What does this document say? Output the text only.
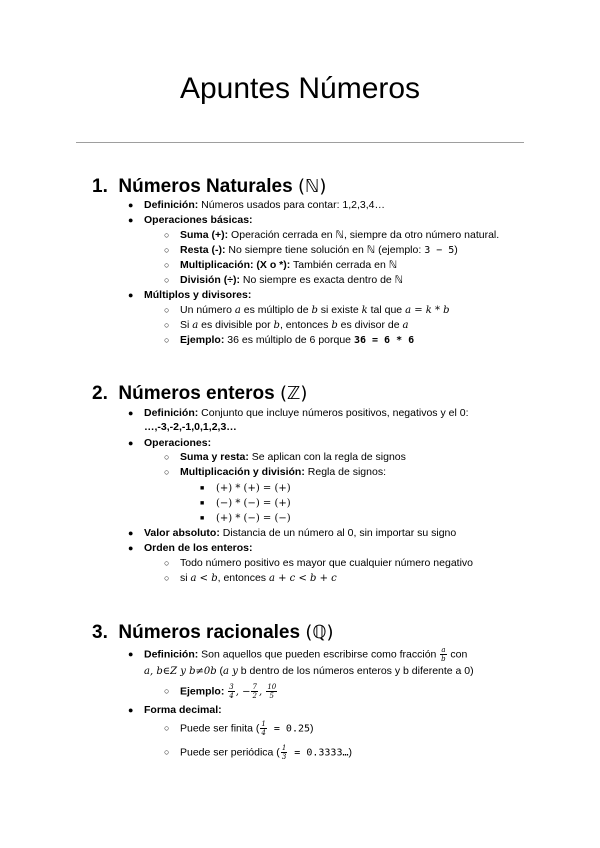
Apuntes Números
1. Números Naturales (ℕ)
● Definición: Números usados para contar: 1,2,3,4…
● Operaciones básicas:
○ Suma (+): Operación cerrada en ℕ, siempre da otro número natural.
○ Resta (-): No siempre tiene solución en ℕ (ejemplo: 3 − 5)
○ Multiplicación: (X o *): También cerrada en ℕ
○ División (÷): No siempre es exacta dentro de ℕ
● Múltiplos y divisores:
○ Un número a es múltiplo de b si existe k tal que a = k * b
○ Si a es divisible por b, entonces b es divisor de a
○ Ejemplo: 36 es múltiplo de 6 porque 36 = 6 * 6
2. Números enteros (ℤ)
● Definición: Conjunto que incluye números positivos, negativos y el 0:
…,-3,-2,-1,0,1,2,3…
● Operaciones:
○ Suma y resta: Se aplican con la regla de signos
○ Multiplicación y división: Regla de signos:
■ (+) * (+) = (+)
■ (−) * (−) = (+)
■ (+) * (−) = (−)
● Valor absoluto: Distancia de un número al 0, sin importar su signo
● Orden de los enteros:
○ Todo número positivo es mayor que cualquier número negativo
○ si a < b, entonces a + c < b + c
3. Números racionales (ℚ)
● Definición: Son aquellos que pueden escribirse como fracción $\frac{a}{b}$ con
a, b∈Z y b≠0b (a y b dentro de los números enteros y b diferente a 0)
○ Ejemplo: $\frac{3}{4}$ , − $\frac{7}{2}$ , $\frac{10}{5}$
● Forma decimal:
○ Puede ser finita ( $\frac{1}{4} = 0.25$)
○ Puede ser periódica ( $\frac{1}{3}$ = 0.3333…)
